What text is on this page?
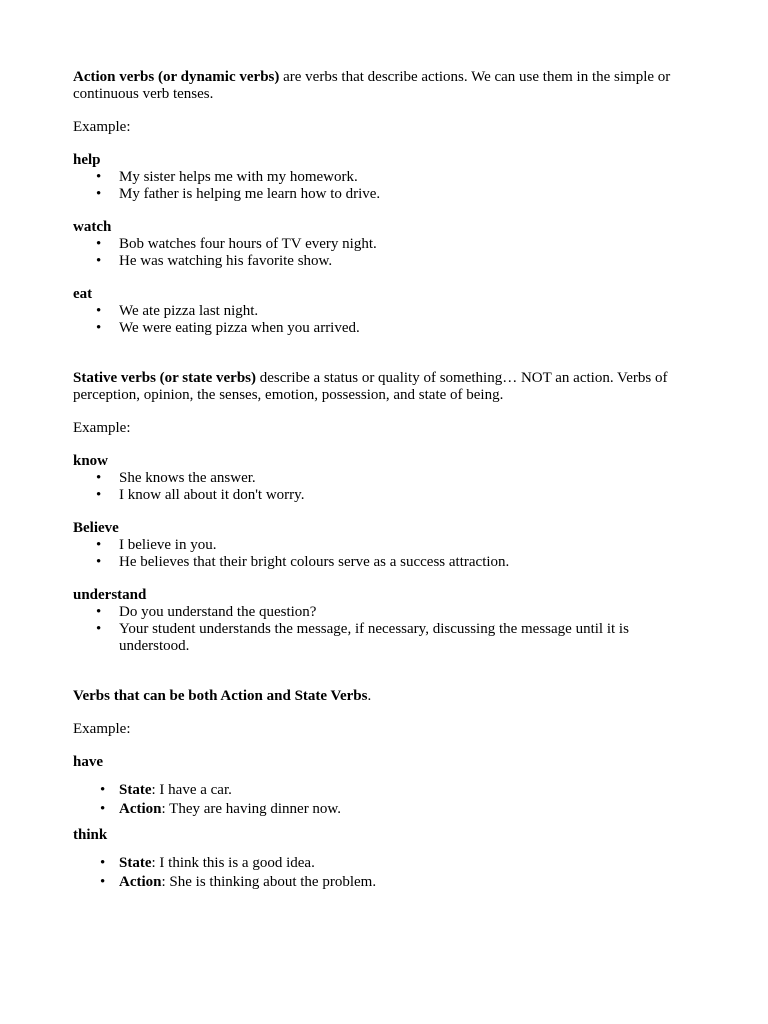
Action verbs (or dynamic verbs) are verbs that describe actions. We can use them in the simple or continuous verb tenses.

Example:

help

• My sister helps me with my homework.
• My father is helping me learn how to drive.

watch

• Bob watches four hours of TV every night.
• He was watching his favorite show.

eat

• We ate pizza last night.
• We were eating pizza when you arrived.

Stative verbs (or state verbs) describe a status or quality of something… NOT an action. Verbs of perception, opinion, the senses, emotion, possession, and state of being.

Example:

know

• She knows the answer.
• I know all about it don't worry.

Believe

• I believe in you.
• He believes that their bright colours serve as a success attraction.

understand

• Do you understand the question?
• Your student understands the message, if necessary, discussing the message until it is understood.

Verbs that can be both Action and State Verbs.

Example:

have

• State: I have a car.
• Action: They are having dinner now.

think

• State: I think this is a good idea.
• Action: She is thinking about the problem.
